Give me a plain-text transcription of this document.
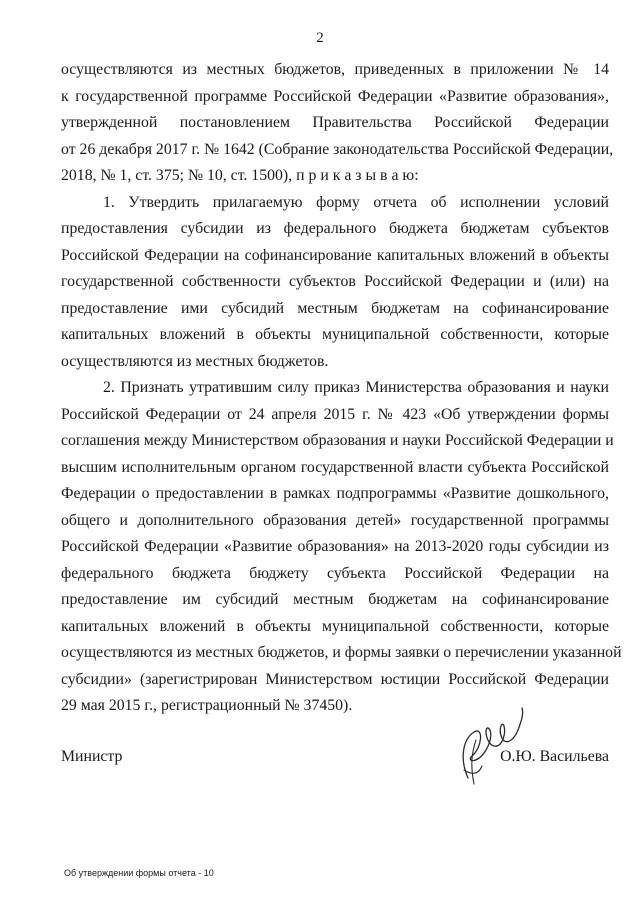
2
осуществляются из местных бюджетов, приведенных в приложении № 14
к государственной программе Российской Федерации «Развитие образования»,
утвержденной постановлением Правительства Российской Федерации
от 26 декабря 2017 г. № 1642 (Собрание законодательства Российской Федерации,
2018, № 1, ст. 375; № 10, ст. 1500), п р и к а з ы в а ю:
1. Утвердить прилагаемую форму отчета об исполнении условий
предоставления субсидии из федерального бюджета бюджетам субъектов
Российской Федерации на софинансирование капитальных вложений в объекты
государственной собственности субъектов Российской Федерации и (или) на
предоставление ими субсидий местным бюджетам на софинансирование
капитальных вложений в объекты муниципальной собственности, которые
осуществляются из местных бюджетов.
2. Признать утратившим силу приказ Министерства образования и науки
Российской Федерации от 24 апреля 2015 г. № 423 «Об утверждении формы
соглашения между Министерством образования и науки Российской Федерации и
высшим исполнительным органом государственной власти субъекта Российской
Федерации о предоставлении в рамках подпрограммы «Развитие дошкольного,
общего и дополнительного образования детей» государственной программы
Российской Федерации «Развитие образования» на 2013-2020 годы субсидии из
федерального бюджета бюджету субъекта Российской Федерации на
предоставление им субсидий местным бюджетам на софинансирование
капитальных вложений в объекты муниципальной собственности, которые
осуществляются из местных бюджетов, и формы заявки о перечислении указанной
субсидии» (зарегистрирован Министерством юстиции Российской Федерации
29 мая 2015 г., регистрационный № 37450).
Министр	О.Ю. Васильева
Об утверждении формы отчета - 10
